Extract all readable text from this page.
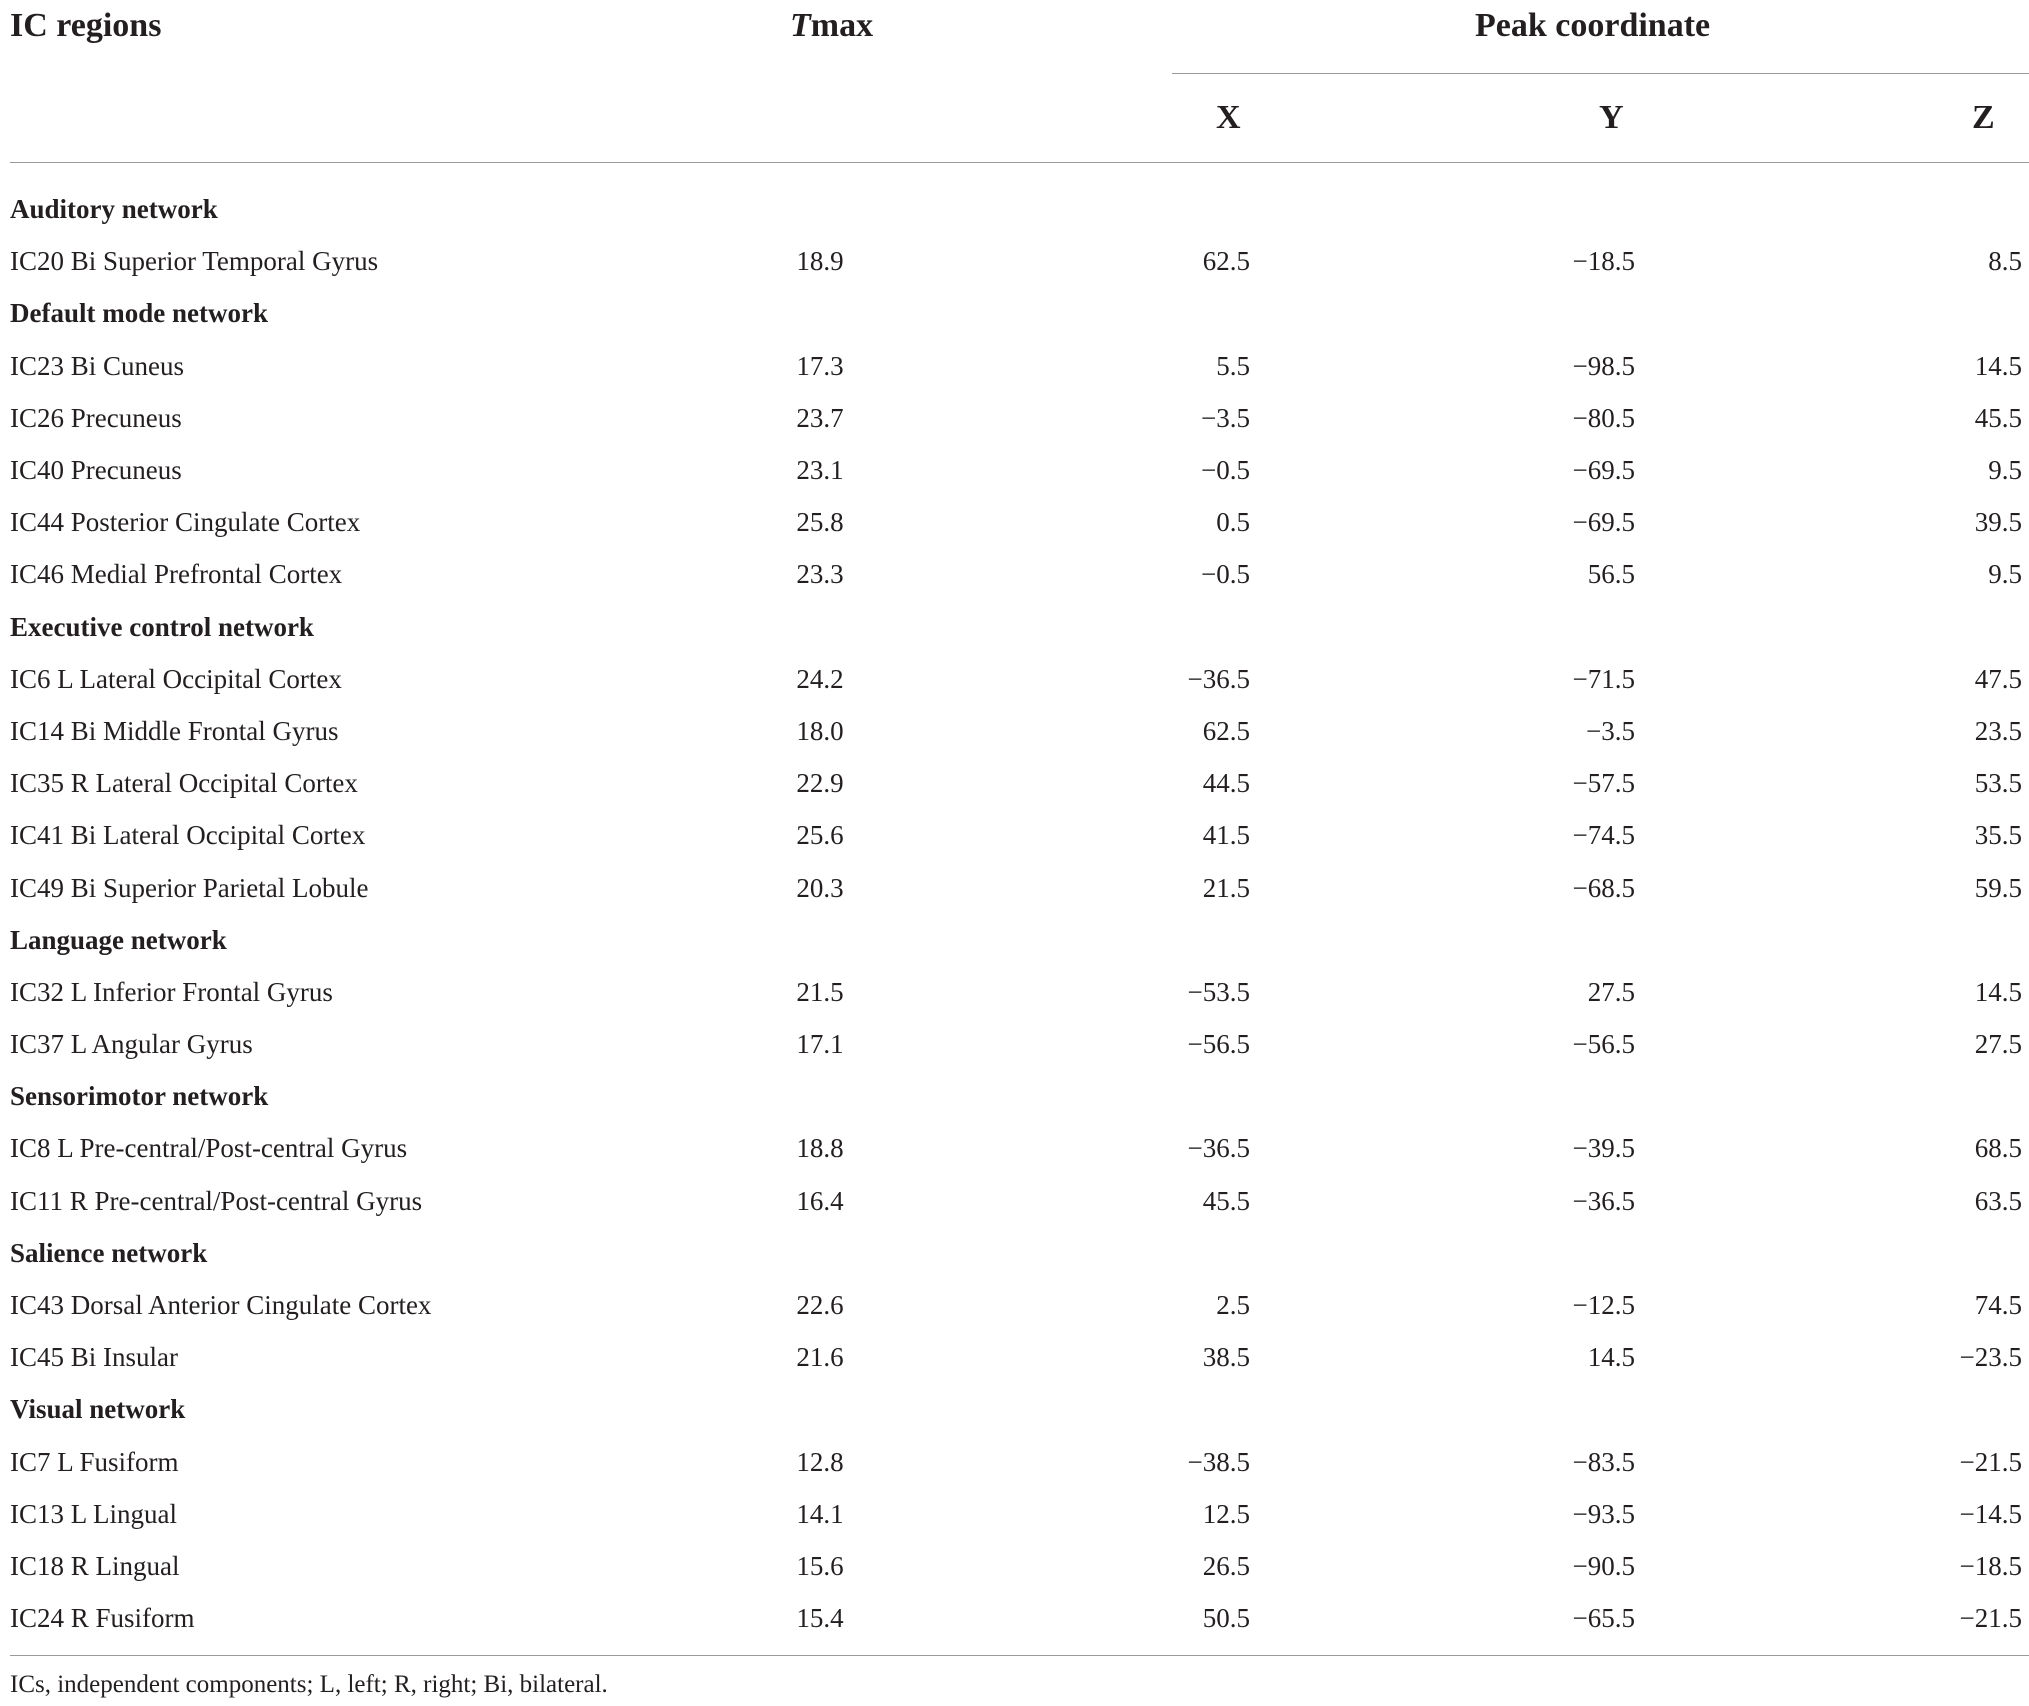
IC regions	Tmax	Peak coordinate
X	Y	Z
Auditory network				
IC20 Bi Superior Temporal Gyrus	18.9	62.5	−18.5	8.5
Default mode network				
IC23 Bi Cuneus	17.3	5.5	−98.5	14.5
IC26 Precuneus	23.7	−3.5	−80.5	45.5
IC40 Precuneus	23.1	−0.5	−69.5	9.5
IC44 Posterior Cingulate Cortex	25.8	0.5	−69.5	39.5
IC46 Medial Prefrontal Cortex	23.3	−0.5	56.5	9.5
Executive control network				
IC6 L Lateral Occipital Cortex	24.2	−36.5	−71.5	47.5
IC14 Bi Middle Frontal Gyrus	18.0	62.5	−3.5	23.5
IC35 R Lateral Occipital Cortex	22.9	44.5	−57.5	53.5
IC41 Bi Lateral Occipital Cortex	25.6	41.5	−74.5	35.5
IC49 Bi Superior Parietal Lobule	20.3	21.5	−68.5	59.5
Language network				
IC32 L Inferior Frontal Gyrus	21.5	−53.5	27.5	14.5
IC37 L Angular Gyrus	17.1	−56.5	−56.5	27.5
Sensorimotor network				
IC8 L Pre-central/Post-central Gyrus	18.8	−36.5	−39.5	68.5
IC11 R Pre-central/Post-central Gyrus	16.4	45.5	−36.5	63.5
Salience network				
IC43 Dorsal Anterior Cingulate Cortex	22.6	2.5	−12.5	74.5
IC45 Bi Insular	21.6	38.5	14.5	−23.5
Visual network				
IC7 L Fusiform	12.8	−38.5	−83.5	−21.5
IC13 L Lingual	14.1	12.5	−93.5	−14.5
IC18 R Lingual	15.6	26.5	−90.5	−18.5
IC24 R Fusiform	15.4	50.5	−65.5	−21.5
ICs, independent components; L, left; R, right; Bi, bilateral.
